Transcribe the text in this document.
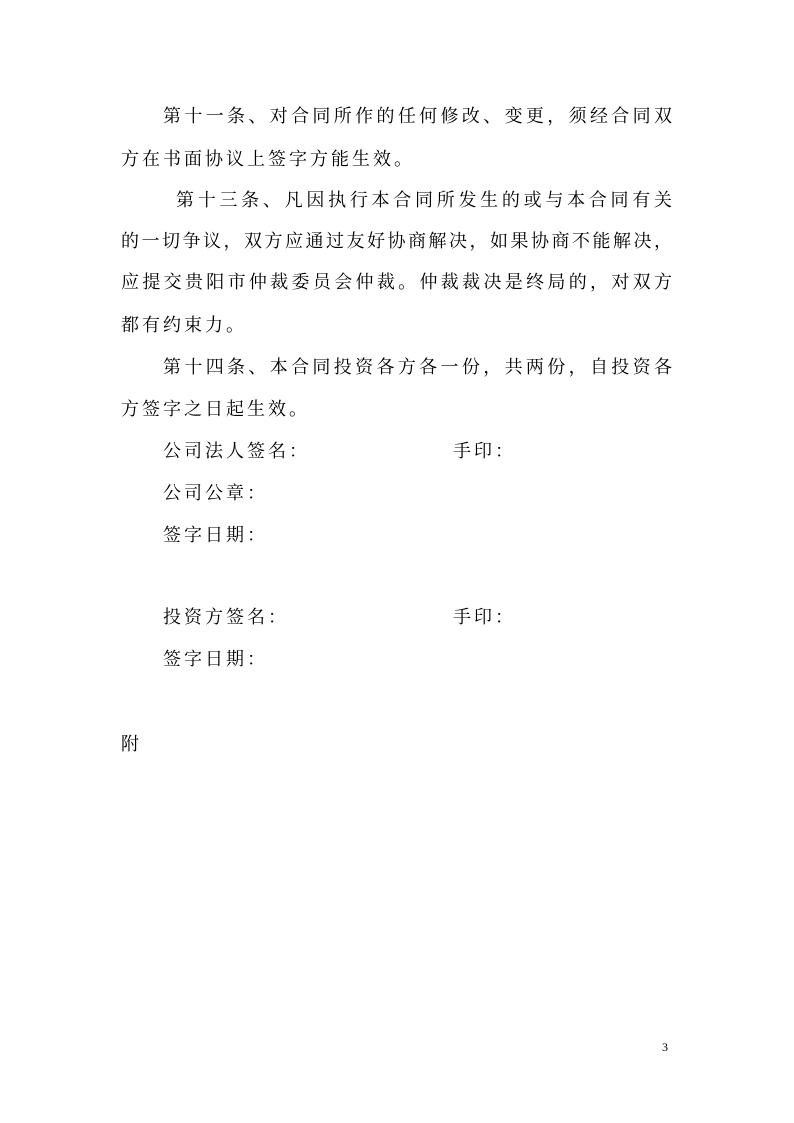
第十一条、对合同所作的任何修改、变更，须经合同双
方在书面协议上签字方能生效。
第十三条、凡因执行本合同所发生的或与本合同有关
的一切争议，双方应通过友好协商解决，如果协商不能解决，
应提交贵阳市仲裁委员会仲裁。仲裁裁决是终局的，对双方
都有约束力。
第十四条、本合同投资各方各一份，共两份，自投资各
方签字之日起生效。
公司法人签名：	手印：
公司公章：
签字日期：
投资方签名：	手印：
签字日期：
附
3
